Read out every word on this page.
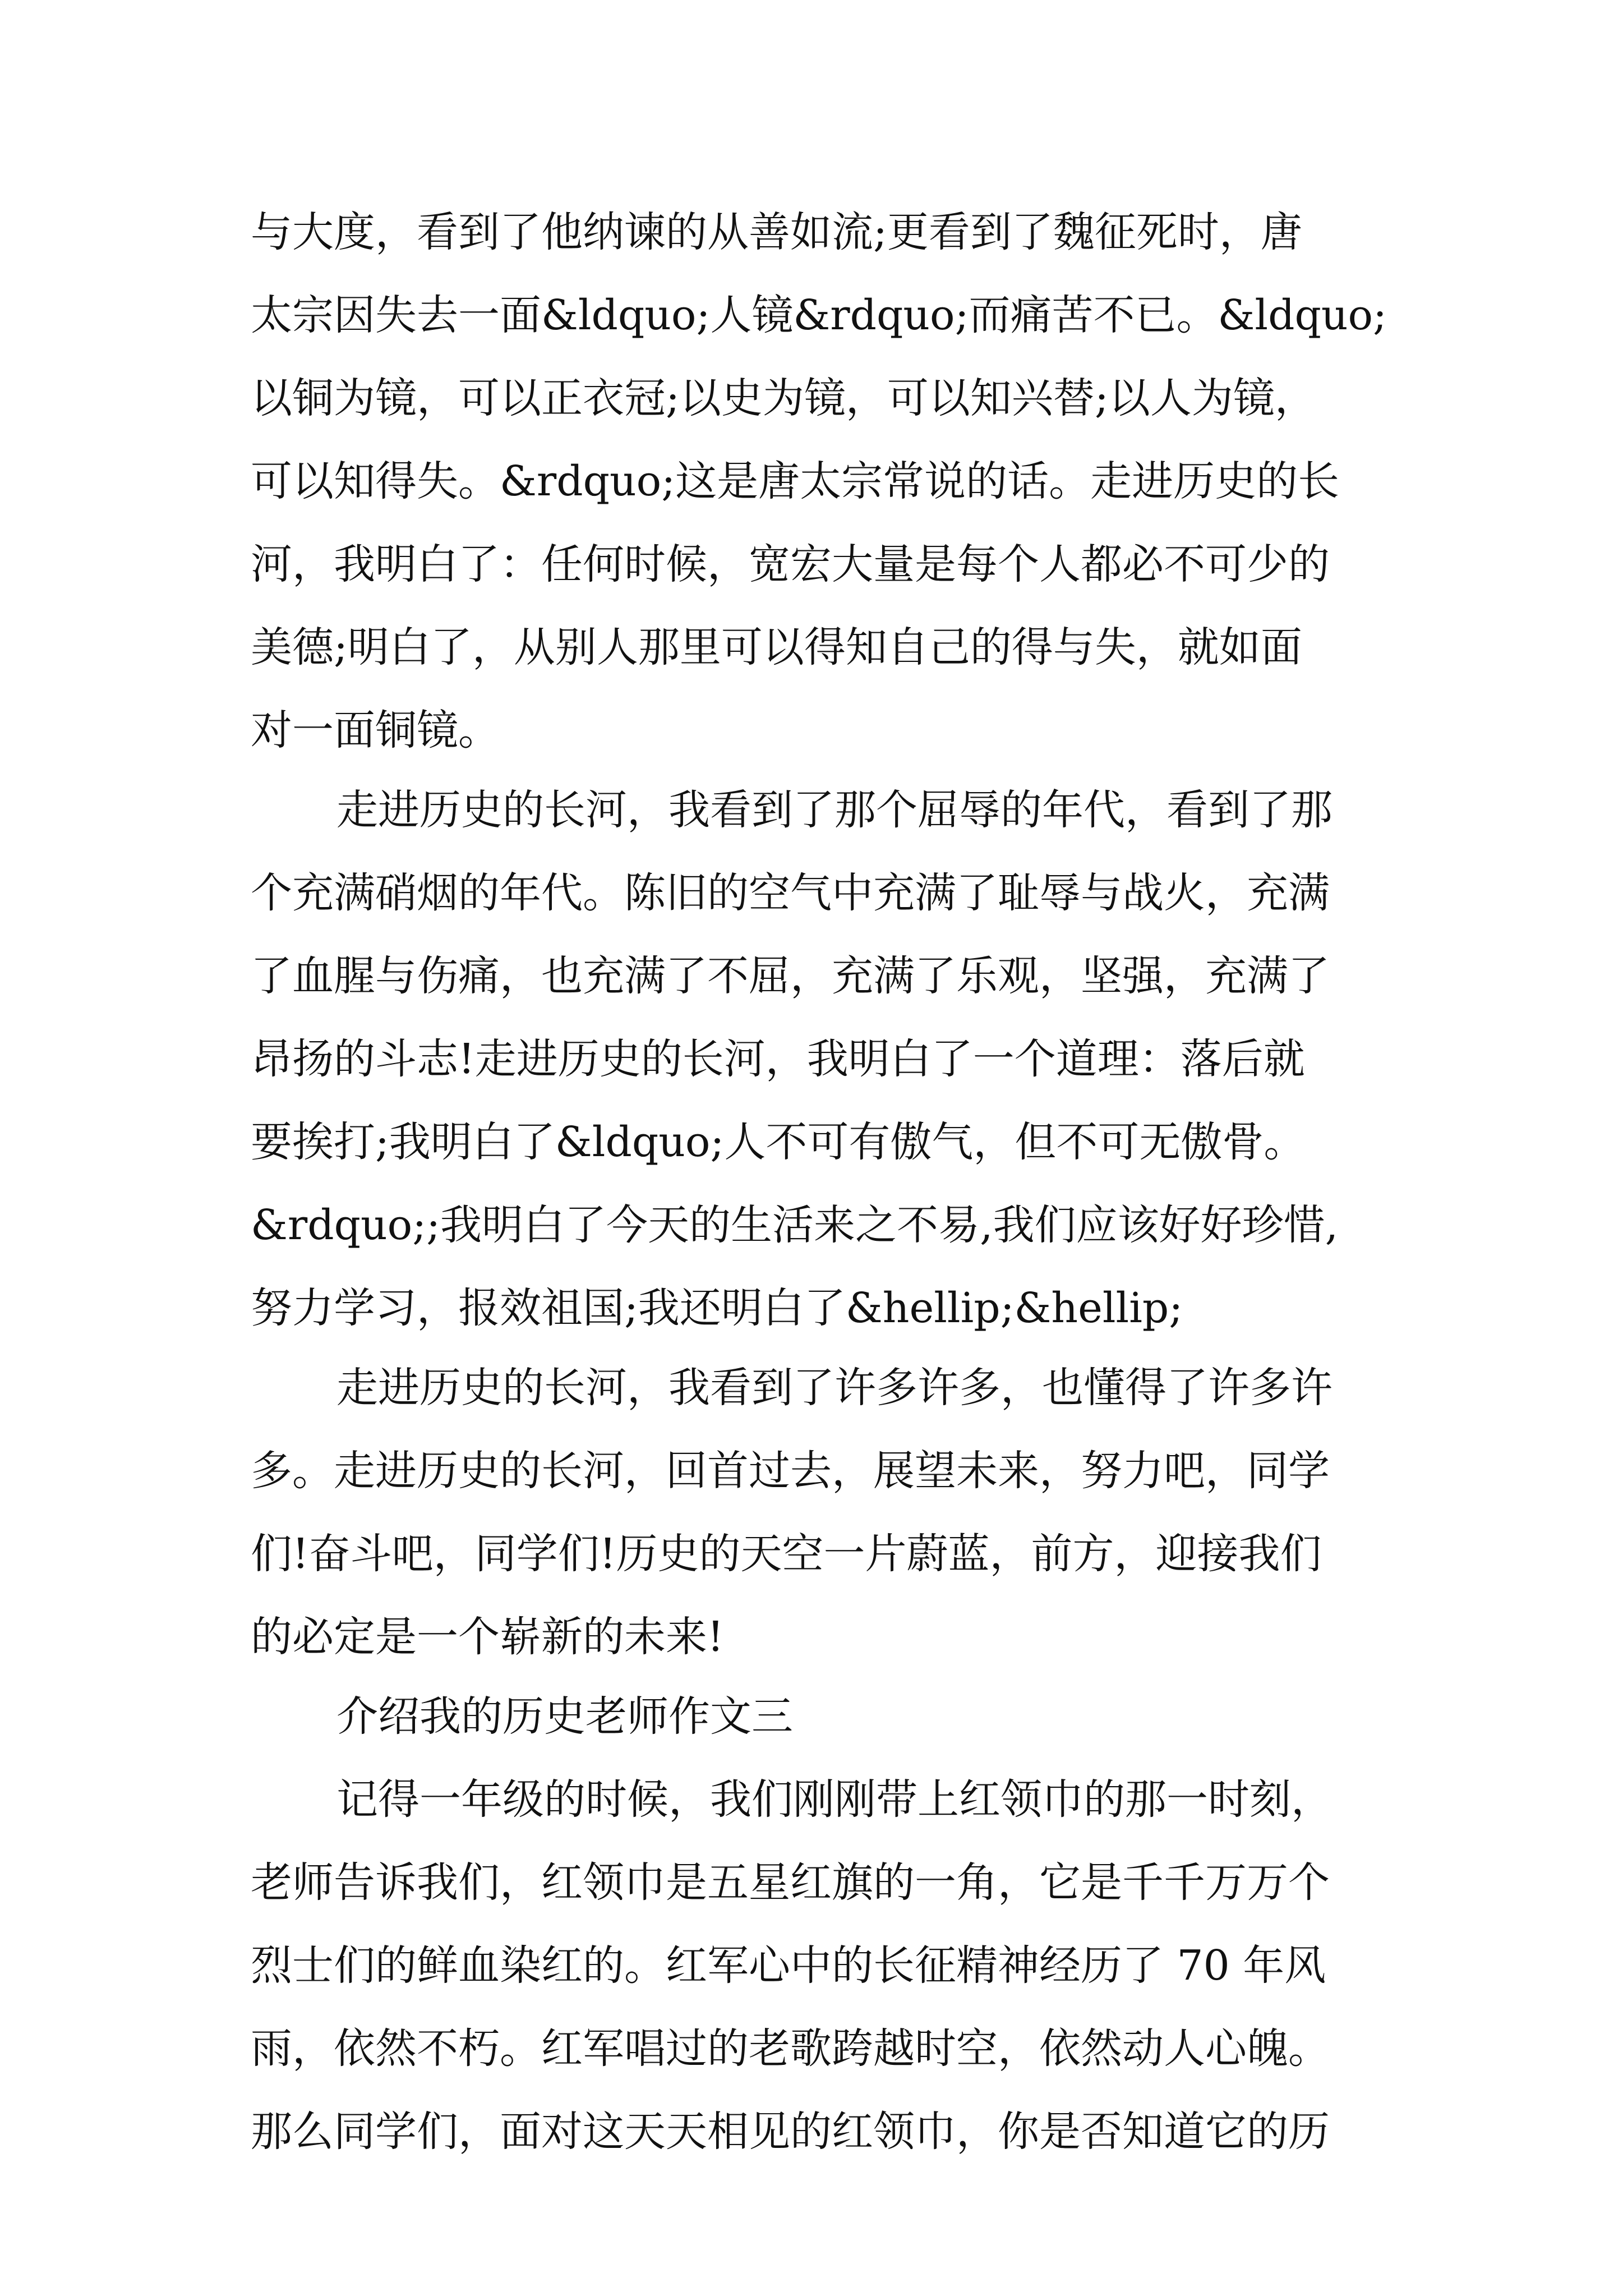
与大度，看到了他纳谏的从善如流;更看到了魏征死时，唐
太宗因失去一面&ldquo;人镜&rdquo;而痛苦不已。&ldquo;
以铜为镜，可以正衣冠;以史为镜，可以知兴替;以人为镜，
可以知得失。&rdquo;这是唐太宗常说的话。走进历史的长
河，我明白了：任何时候，宽宏大量是每个人都必不可少的
美德;明白了，从别人那里可以得知自己的得与失，就如面
对一面铜镜。
走进历史的长河，我看到了那个屈辱的年代，看到了那
个充满硝烟的年代。陈旧的空气中充满了耻辱与战火，充满
了血腥与伤痛，也充满了不屈，充满了乐观，坚强，充满了
昂扬的斗志!走进历史的长河，我明白了一个道理：落后就
要挨打;我明白了&ldquo;人不可有傲气，但不可无傲骨。
&rdquo;;我明白了今天的生活来之不易,我们应该好好珍惜,
努力学习，报效祖国;我还明白了&hellip;&hellip;
走进历史的长河，我看到了许多许多，也懂得了许多许
多。走进历史的长河，回首过去，展望未来，努力吧，同学
们!奋斗吧，同学们!历史的天空一片蔚蓝，前方，迎接我们
的必定是一个崭新的未来!
介绍我的历史老师作文三
记得一年级的时候，我们刚刚带上红领巾的那一时刻，
老师告诉我们，红领巾是五星红旗的一角，它是千千万万个
烈士们的鲜血染红的。红军心中的长征精神经历了 70 年风
雨，依然不朽。红军唱过的老歌跨越时空，依然动人心魄。
那么同学们，面对这天天相见的红领巾，你是否知道它的历
